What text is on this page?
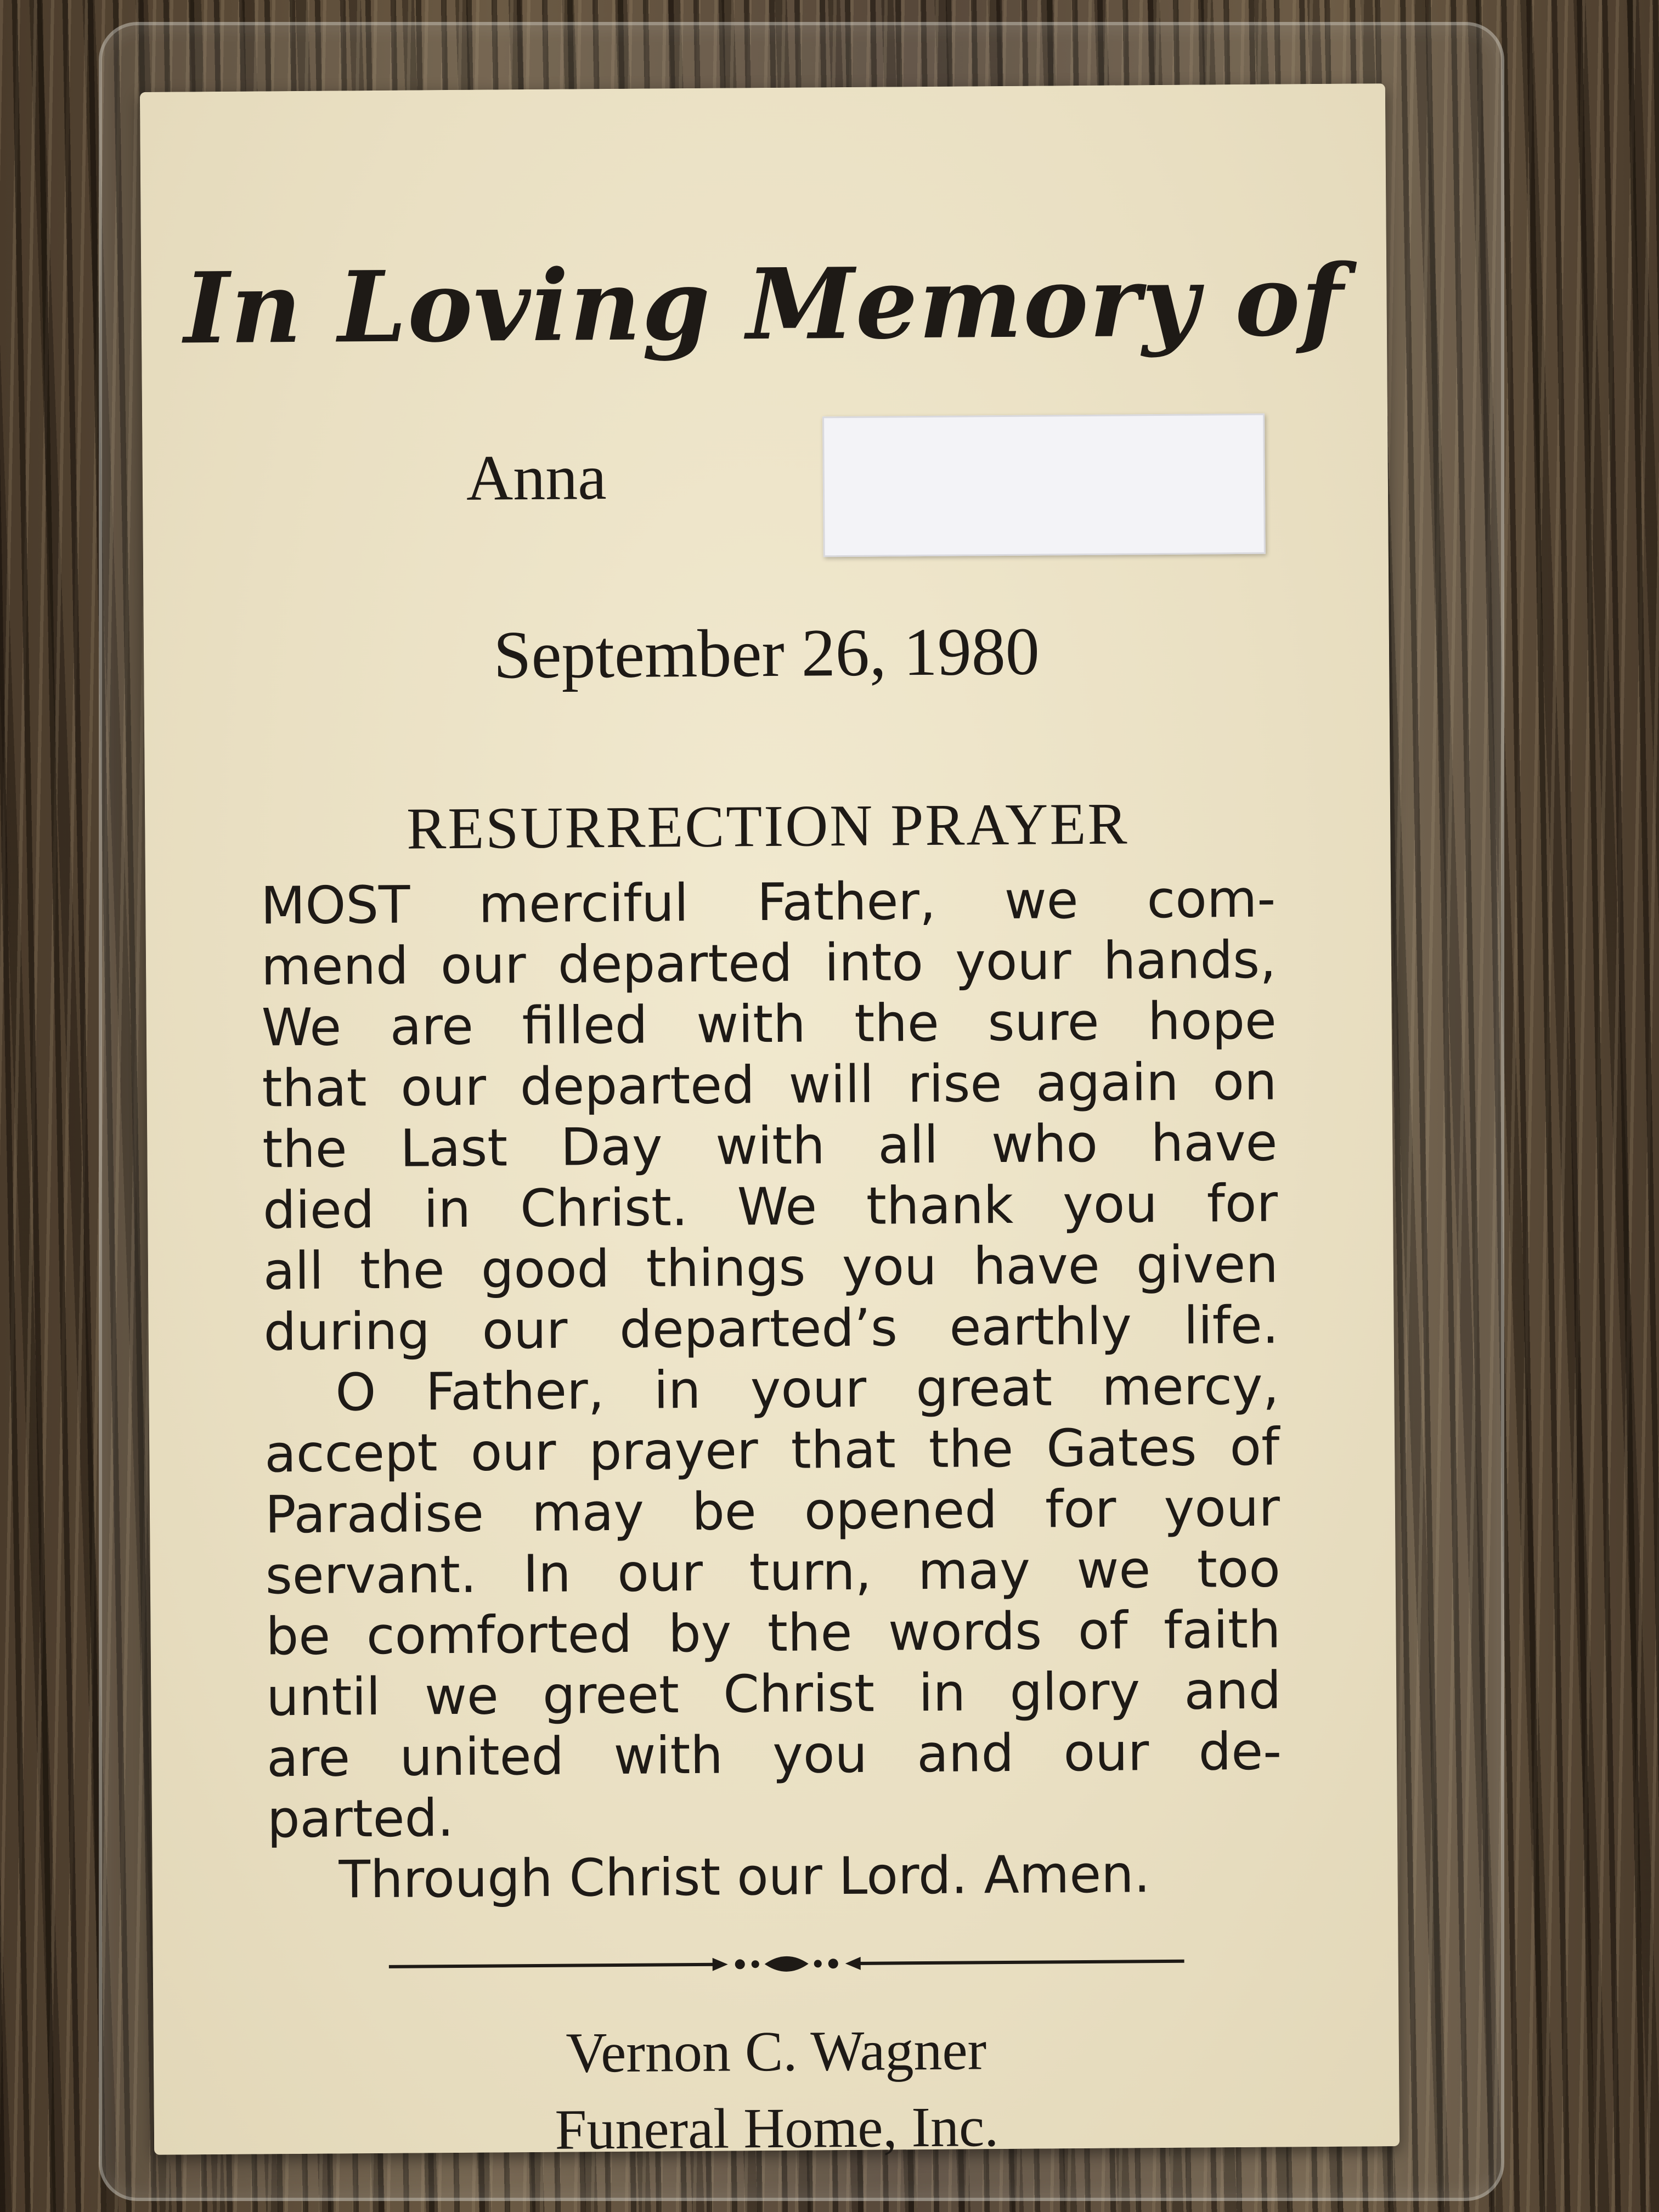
In Loving Memory of
Anna
September 26, 1980
RESURRECTION PRAYER
MOST merciful Father, we com-
mend our departed into your hands,
We are filled with the sure hope
that our departed will rise again on
the Last Day with all who have
died in Christ. We thank you for
all the good things you have given
during our departed’s earthly life.
O Father, in your great mercy,
accept our prayer that the Gates of
Paradise may be opened for your
servant. In our turn, may we too
be comforted by the words of faith
until we greet Christ in glory and
are united with you and our de-
parted.
Through Christ our Lord. Amen.
Vernon C. Wagner
Funeral Home, Inc.
